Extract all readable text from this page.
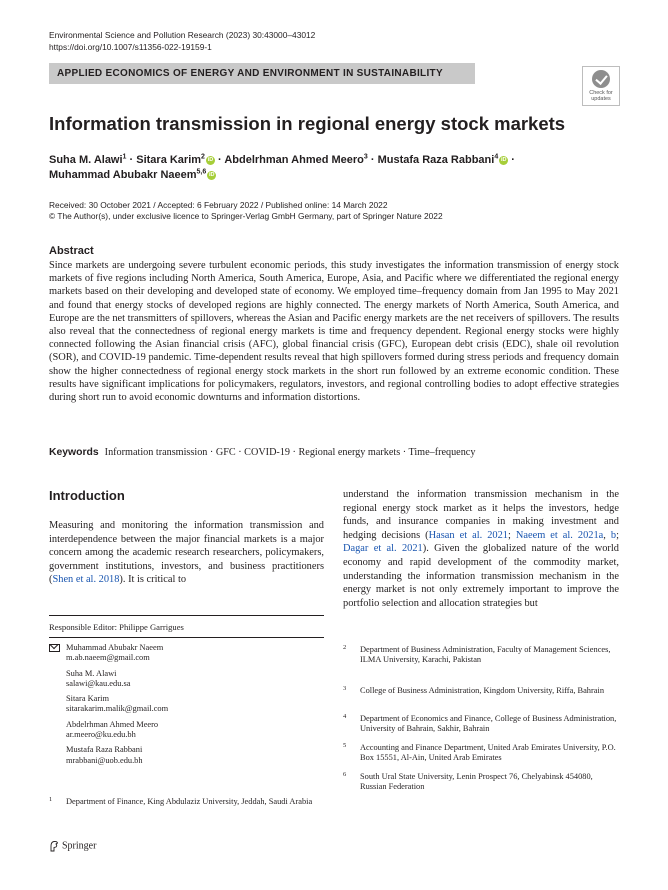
Environmental Science and Pollution Research (2023) 30:43000–43012
https://doi.org/10.1007/s11356-022-19159-1
APPLIED ECONOMICS OF ENERGY AND ENVIRONMENT IN SUSTAINABILITY
Check for
updates
Information transmission in regional energy stock markets
Suha M. Alawi$^1$ · Sitara Karim$^2$ iD · Abdelrhman Ahmed Meero$^3$ · Mustafa Raza Rabbani$^4$ iD ·
Muhammad Abubakr Naeem$^{5,6}$ iD
Received: 30 October 2021 / Accepted: 6 February 2022 / Published online: 14 March 2022
© The Author(s), under exclusive licence to Springer-Verlag GmbH Germany, part of Springer Nature 2022
Abstract
Since markets are undergoing severe turbulent economic periods, this study investigates the information transmission of energy stock markets of five regions including North America, South America, Europe, Asia, and Pacific where we differentiated the regional energy markets based on their developing and developed state of economy. We employed time–frequency domain from Jan 1995 to May 2021 and found that energy stocks of developed regions are highly connected. The energy markets of North America, South America, and Europe are the net transmitters of spillovers, whereas the Asian and Pacific energy markets are the net receivers of spillovers. The results also reveal that the connectedness of regional energy markets is time and frequency dependent. Regional energy stocks were highly connected following the Asian financial crisis (AFC), global financial crisis (GFC), European debt crisis (EDC), shale oil revolution (SOR), and COVID-19 pandemic. Time-dependent results reveal that high spillovers formed during stress periods and frequency domain show the higher connectedness of regional energy stock markets in the short run followed by an extreme economic condition. These results have significant implications for policymakers, regulators, investors, and regional controlling bodies to adopt effective strategies during short run to avoid economic downturns and information distortions.
Keywords Information transmission · GFC · COVID-19 · Regional energy markets · Time–frequency
Introduction
Measuring and monitoring the information transmission and interdependence between the major financial markets is a major concern among the academic research researchers, policymakers, government institutions, investors, and business practitioners (Shen et al. 2018). It is critical to
understand the information transmission mechanism in the regional energy stock market as it helps the investors, hedge funds, and insurance companies in making investment and hedging decisions (Hasan et al. 2021; Naeem et al. 2021a, b; Dagar et al. 2021). Given the globalized nature of the world economy and rapid development of the commodity market, understanding the information transmission mechanism in the energy market is not only extremely important to improve the portfolio selection and allocation strategies but
Responsible Editor: Philippe Garrigues
Muhammad Abubakr Naeem
m.ab.naeem@gmail.com
Suha M. Alawi
salawi@kau.edu.sa
Sitara Karim
sitarakarim.malik@gmail.com
Abdelrhman Ahmed Meero
ar.meero@ku.edu.bh
Mustafa Raza Rabbani
mrabbani@uob.edu.bh
1	Department of Finance, King Abdulaziz University, Jeddah, Saudi Arabia
2	Department of Business Administration, Faculty of Management Sciences, ILMA University, Karachi, Pakistan
3	College of Business Administration, Kingdom University, Riffa, Bahrain
4	Department of Economics and Finance, College of Business Administration, University of Bahrain, Sakhir, Bahrain
5	Accounting and Finance Department, United Arab Emirates University, P.O. Box 15551, Al-Ain, United Arab Emirates
6	South Ural State University, Lenin Prospect 76, Chelyabinsk 454080, Russian Federation
Springer
